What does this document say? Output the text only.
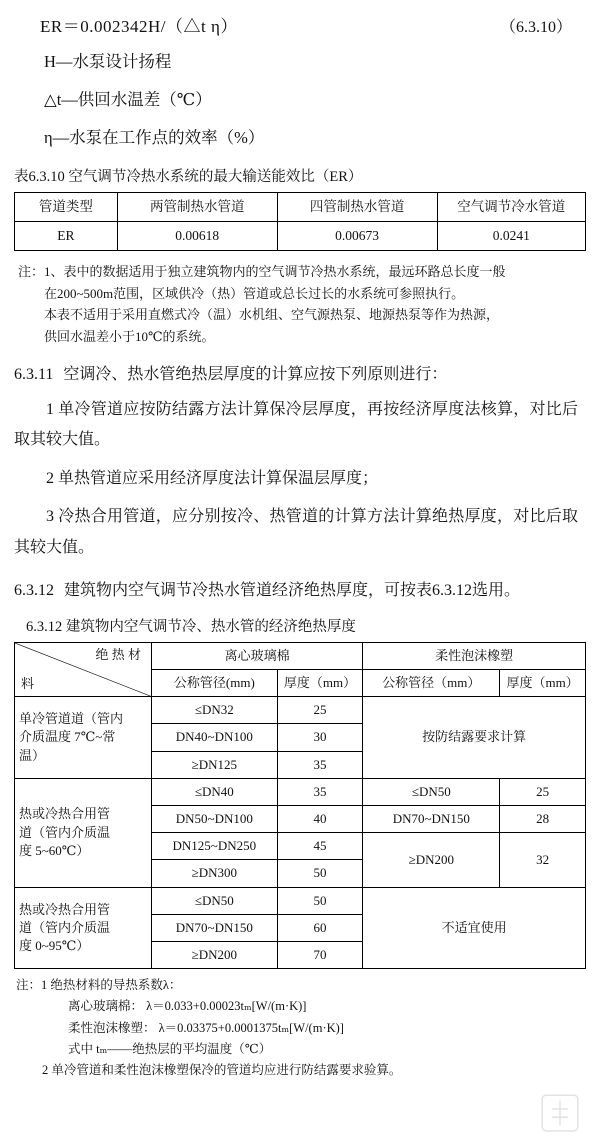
ER＝0.002342H/（△t η）	（6.3.10）
H—水泵设计扬程
△t—供回水温差（℃）
η—水泵在工作点的效率（%）
表6.3.10 空气调节冷热水系统的最大输送能效比（ER）
管道类型	两管制热水管道	四管制热水管道	空气调节冷水管道
ER	0.00618	0.00673	0.0241
注：1、表中的数据适用于独立建筑物内的空气调节冷热水系统，最远环路总长度一般
在200~500m范围，区域供冷（热）管道或总长过长的水系统可参照执行。
本表不适用于采用直燃式冷（温）水机组、空气源热泵、地源热泵等作为热源，
供回水温差小于10℃的系统。
6.3.11 空调冷、热水管绝热层厚度的计算应按下列原则进行：
1 单冷管道应按防结露方法计算保冷层厚度，再按经济厚度法核算，对比后取其较大值。
2 单热管道应采用经济厚度法计算保温层厚度；
3 冷热合用管道，应分别按冷、热管道的计算方法计算绝热厚度，对比后取其较大值。
6.3.12 建筑物内空气调节冷热水管道经济绝热厚度，可按表6.3.12选用。
6.3.12 建筑物内空气调节冷、热水管的经济绝热厚度
绝 热 材
料	离心玻璃棉		柔性泡沫橡塑	
	公称管径(mm)	厚度（mm）	公称管径（mm）	厚度（mm）
单冷管道道（管内
介质温度 7℃~常
温）	≤DN32	25	按防结露要求计算	
	DN40~DN100	30		
	≥DN125	35		
热或冷热合用管
道（管内介质温
度 5~60℃）	≤DN40	35	≤DN50	25
	DN50~DN100	40	DN70~DN150	28
	DN125~DN250	45	≥DN200	32
	≥DN300	50		
热或冷热合用管
道（管内介质温
度 0~95℃）	≤DN50	50	不适宜使用	
	DN70~DN150	60		
	≥DN200	70		
注：1 绝热材料的导热系数λ：
离心玻璃棉： λ＝0.033+0.00023tₘ[W/(m·K)]
柔性泡沫橡塑： λ＝0.03375+0.0001375tₘ[W/(m·K)]
式中 tₘ——绝热层的平均温度（℃）
2 单冷管道和柔性泡沫橡塑保冷的管道均应进行防结露要求验算。
